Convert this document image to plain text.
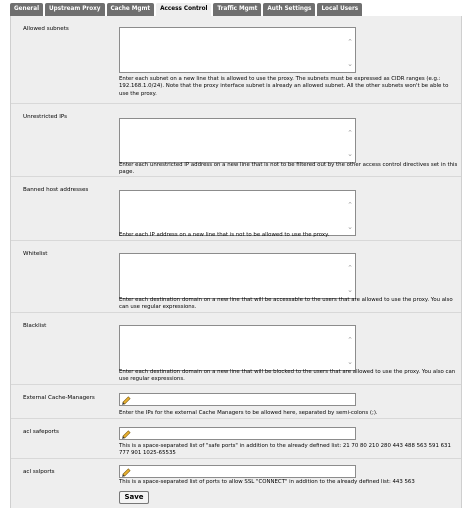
General	Upstream Proxy	Cache Mgmt	Access Control	Traffic Mgmt	Auth Settings	Local Users
Allowed subnets
⌃
⌄
Enter each subnet on a new line that is allowed to use the proxy. The subnets must be expressed as CIDR ranges (e.g.: 192.168.1.0/24). Note that the proxy interface subnet is already an allowed subnet. All the other subnets won't be able to use the proxy.
Unrestricted IPs
⌃
⌄
Enter each unrestricted IP address on a new line that is not to be filtered out by the other access control directives set in this page.
Banned host addresses
⌃
⌄
Enter each IP address on a new line that is not to be allowed to use the proxy.
Whitelist
⌃
⌄
Enter each destination domain on a new line that will be accessable to the users that are allowed to use the proxy. You also can use regular expressions.
Blacklist
⌃
⌄
Enter each destination domain on a new line that will be blocked to the users that are allowed to use the proxy. You also can use regular expressions.
External Cache-Managers
Enter the IPs for the external Cache Managers to be allowed here, separated by semi-colons (;).
acl safeports
This is a space-separated list of "safe ports" in addition to the already defined list: 21 70 80 210 280 443 488 563 591 631 777 901 1025-65535
acl sslports
This is a space-separated list of ports to allow SSL "CONNECT" in addition to the already defined list: 443 563
Save
